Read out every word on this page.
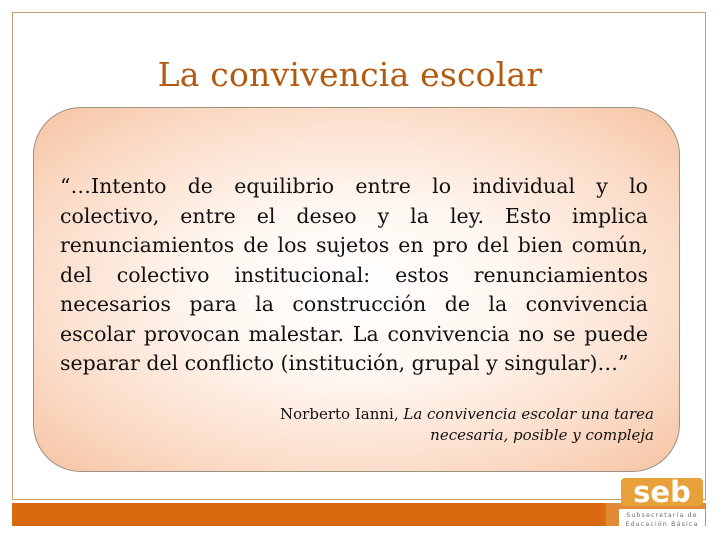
La convivencia escolar
“…Intento de equilibrio entre lo individual y lo colectivo, entre el deseo y la ley. Esto implica renunciamientos de los sujetos en pro del bien común, del colectivo institucional: estos renunciamientos necesarios para la construcción de la convivencia escolar provocan malestar. La convivencia no se puede separar del conflicto (institución, grupal y singular)…”
Norberto Ianni, La convivencia escolar una tarea necesaria, posible y compleja
seb
Subsecretaría de
Educación Básica
